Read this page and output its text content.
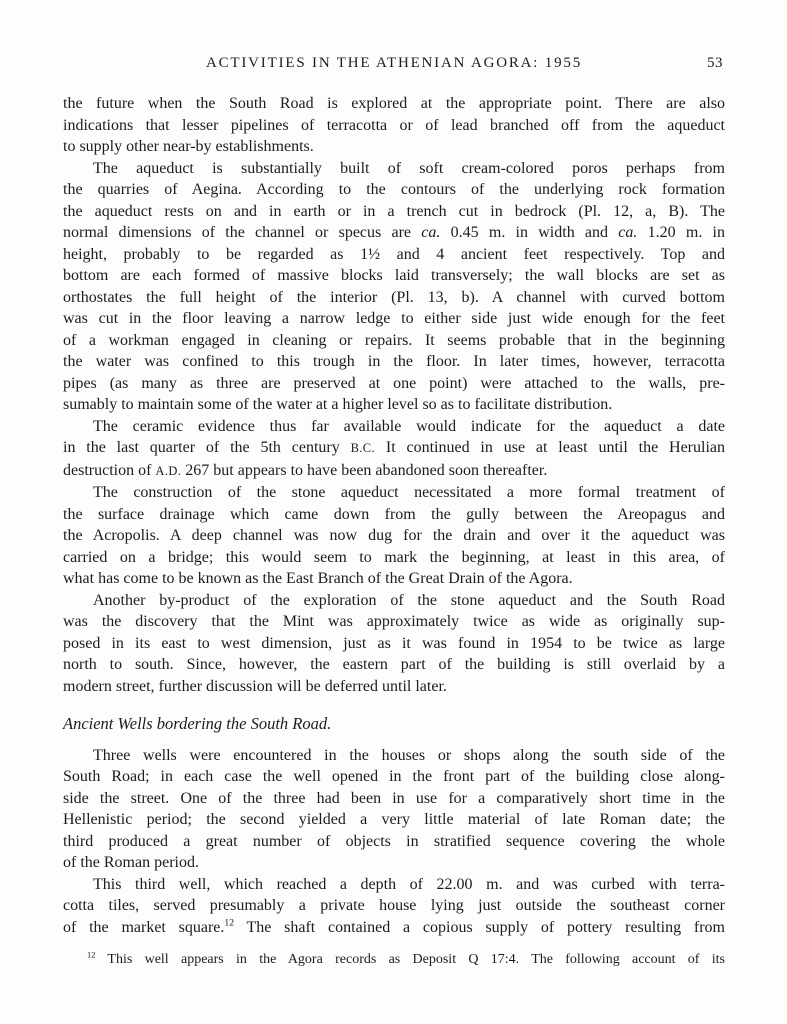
ACTIVITIES IN THE ATHENIAN AGORA: 1955	53
the future when the South Road is explored at the appropriate point. There are also
indications that lesser pipelines of terracotta or of lead branched off from the aqueduct
to supply other near-by establishments.
The aqueduct is substantially built of soft cream-colored poros perhaps from
the quarries of Aegina. According to the contours of the underlying rock formation
the aqueduct rests on and in earth or in a trench cut in bedrock (Pl. 12, a, B). The
normal dimensions of the channel or specus are ca. 0.45 m. in width and ca. 1.20 m. in
height, probably to be regarded as 1½ and 4 ancient feet respectively. Top and
bottom are each formed of massive blocks laid transversely; the wall blocks are set as
orthostates the full height of the interior (Pl. 13, b). A channel with curved bottom
was cut in the floor leaving a narrow ledge to either side just wide enough for the feet
of a workman engaged in cleaning or repairs. It seems probable that in the beginning
the water was confined to this trough in the floor. In later times, however, terracotta
pipes (as many as three are preserved at one point) were attached to the walls, pre-
sumably to maintain some of the water at a higher level so as to facilitate distribution.
The ceramic evidence thus far available would indicate for the aqueduct a date
in the last quarter of the 5th century B.C. It continued in use at least until the Herulian
destruction of A.D. 267 but appears to have been abandoned soon thereafter.
The construction of the stone aqueduct necessitated a more formal treatment of
the surface drainage which came down from the gully between the Areopagus and
the Acropolis. A deep channel was now dug for the drain and over it the aqueduct was
carried on a bridge; this would seem to mark the beginning, at least in this area, of
what has come to be known as the East Branch of the Great Drain of the Agora.
Another by-product of the exploration of the stone aqueduct and the South Road
was the discovery that the Mint was approximately twice as wide as originally sup-
posed in its east to west dimension, just as it was found in 1954 to be twice as large
north to south. Since, however, the eastern part of the building is still overlaid by a
modern street, further discussion will be deferred until later.
Ancient Wells bordering the South Road.
Three wells were encountered in the houses or shops along the south side of the
South Road; in each case the well opened in the front part of the building close along-
side the street. One of the three had been in use for a comparatively short time in the
Hellenistic period; the second yielded a very little material of late Roman date; the
third produced a great number of objects in stratified sequence covering the whole
of the Roman period.
This third well, which reached a depth of 22.00 m. and was curbed with terra-
cotta tiles, served presumably a private house lying just outside the southeast corner
of the market square.$^{12}$ The shaft contained a copious supply of pottery resulting from
$^{12}$ This well appears in the Agora records as Deposit Q 17:4. The following account of its
